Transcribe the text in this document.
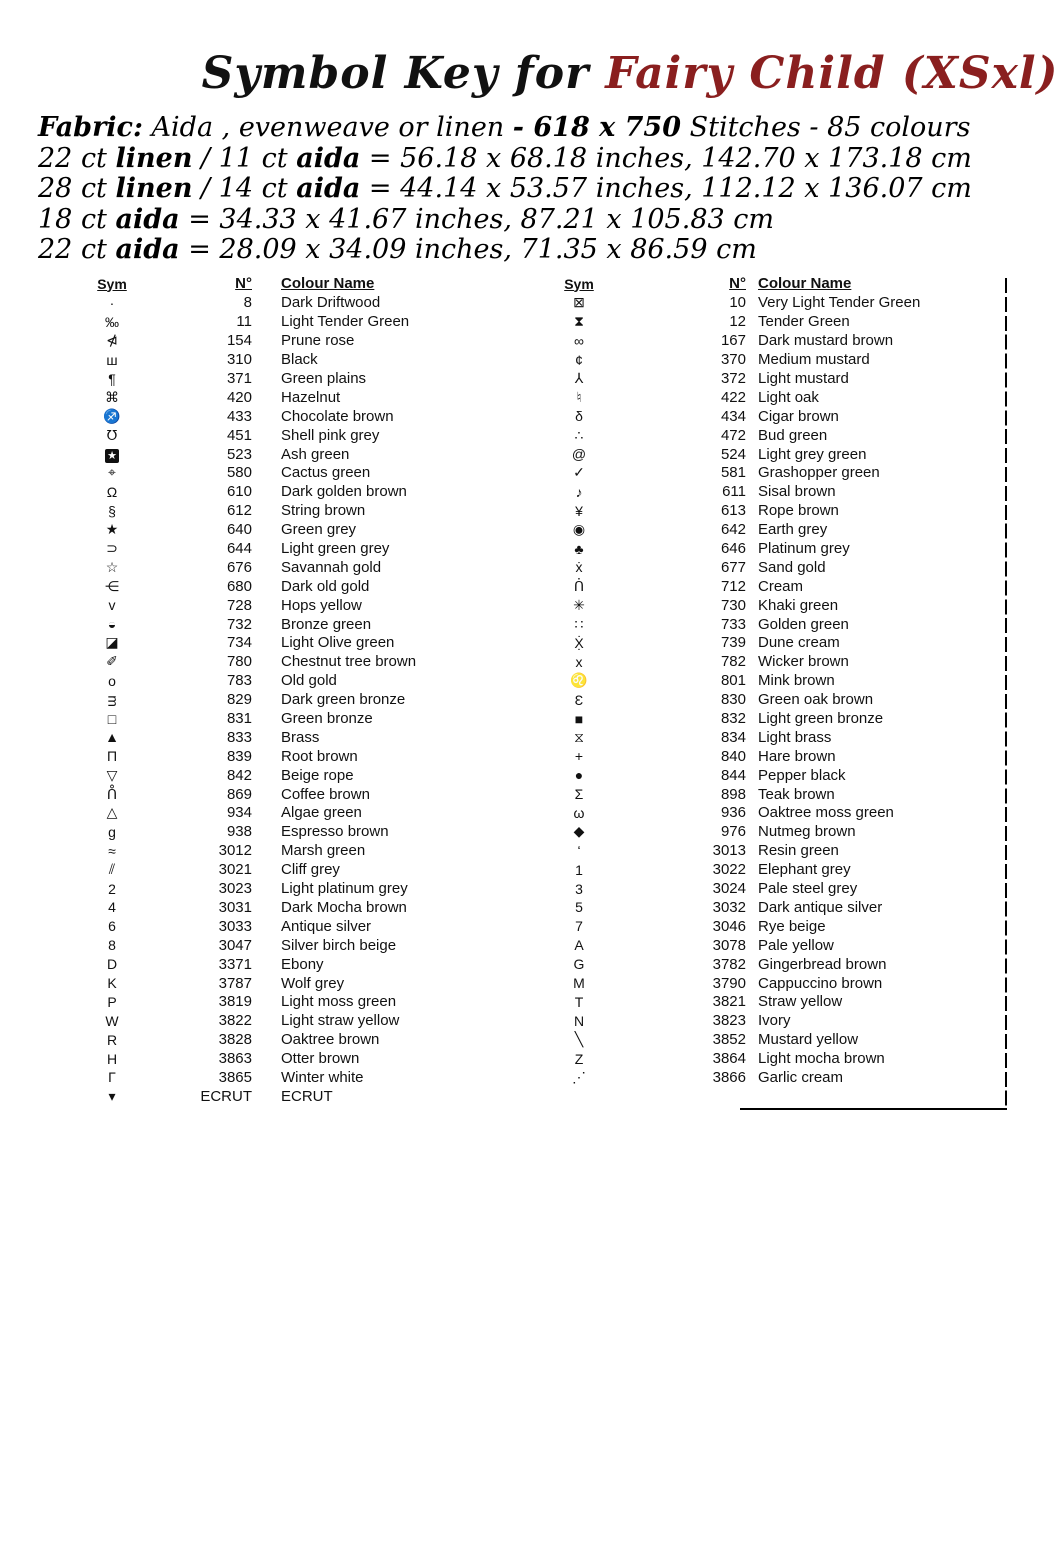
Symbol Key for Fairy Child (XSxl)
Fabric: Aida , evenweave or linen - 618 x 750 Stitches - 85 colours
22 ct linen / 11 ct aida = 56.18 x 68.18 inches, 142.70 x 173.18 cm
28 ct linen / 14 ct aida = 44.14 x 53.57 inches, 112.12 x 136.07 cm
18 ct aida = 34.33 x 41.67 inches, 87.21 x 105.83 cm
22 ct aida = 28.09 x 34.09 inches, 71.35 x 86.59 cm
Sym	N°	Colour Name
·	8	Dark Driftwood
‰	11	Light Tender Green
⋪	154	Prune rose
ш	310	Black
¶	371	Green plains
⌘	420	Hazelnut
♐	433	Chocolate brown
℧	451	Shell pink grey
★	523	Ash green
⌖	580	Cactus green
Ω	610	Dark golden brown
§	612	String brown
★	640	Green grey
⊃	644	Light green grey
☆	676	Savannah gold
⋲	680	Dark old gold
ᴠ	728	Hops yellow
◒	732	Bronze green
◪	734	Light Olive green
✐	780	Chestnut tree brown
o	783	Old gold
ᴟ	829	Dark green bronze
□	831	Green bronze
▲	833	Brass
Π	839	Root brown
▽	842	Beige rope
ᑍ	869	Coffee brown
△	934	Algae green
g	938	Espresso brown
≈	3012	Marsh green
⫽	3021	Cliff grey
2	3023	Light platinum grey
4	3031	Dark Mocha brown
6	3033	Antique silver
8	3047	Silver birch beige
D	3371	Ebony
K	3787	Wolf grey
P	3819	Light moss green
W	3822	Light straw yellow
R	3828	Oaktree brown
H	3863	Otter brown
Γ	3865	Winter white
▾	ECRUT	ECRUT
Sym	N° Colour Name
⊠	10 Very Light Tender Green
⧗	12 Tender Green
∞	167 Dark mustard brown
¢	370 Medium mustard
⅄	372 Light mustard
♮	422 Light oak
δ	434 Cigar brown
∴	472 Bud green
@	524 Light grey green
✓	581 Grashopper green
♪	611 Sisal brown
¥	613 Rope brown
◉	642 Earth grey
♣	646 Platinum grey
ẋ	677 Sand gold
ᑏ	712 Cream
✳	730 Khaki green
∷	733 Golden green
Ẋ̣	739 Dune cream
x	782 Wicker brown
♌	801 Mink brown
Ɛ	830 Green oak brown
■	832 Light green bronze
⧖	834 Light brass
+	840 Hare brown
●	844 Pepper black
Σ	898 Teak brown
ω	936 Oaktree moss green
◆	976 Nutmeg brown
ʻ	3013 Resin green
1	3022 Elephant grey
3	3024 Pale steel grey
5	3032 Dark antique silver
7	3046 Rye beige
A	3078 Pale yellow
G	3782 Gingerbread brown
M	3790 Cappuccino brown
T	3821 Straw yellow
N	3823 Ivory
╲	3852 Mustard yellow
Z	3864 Light mocha brown
⋰	3866 Garlic cream
